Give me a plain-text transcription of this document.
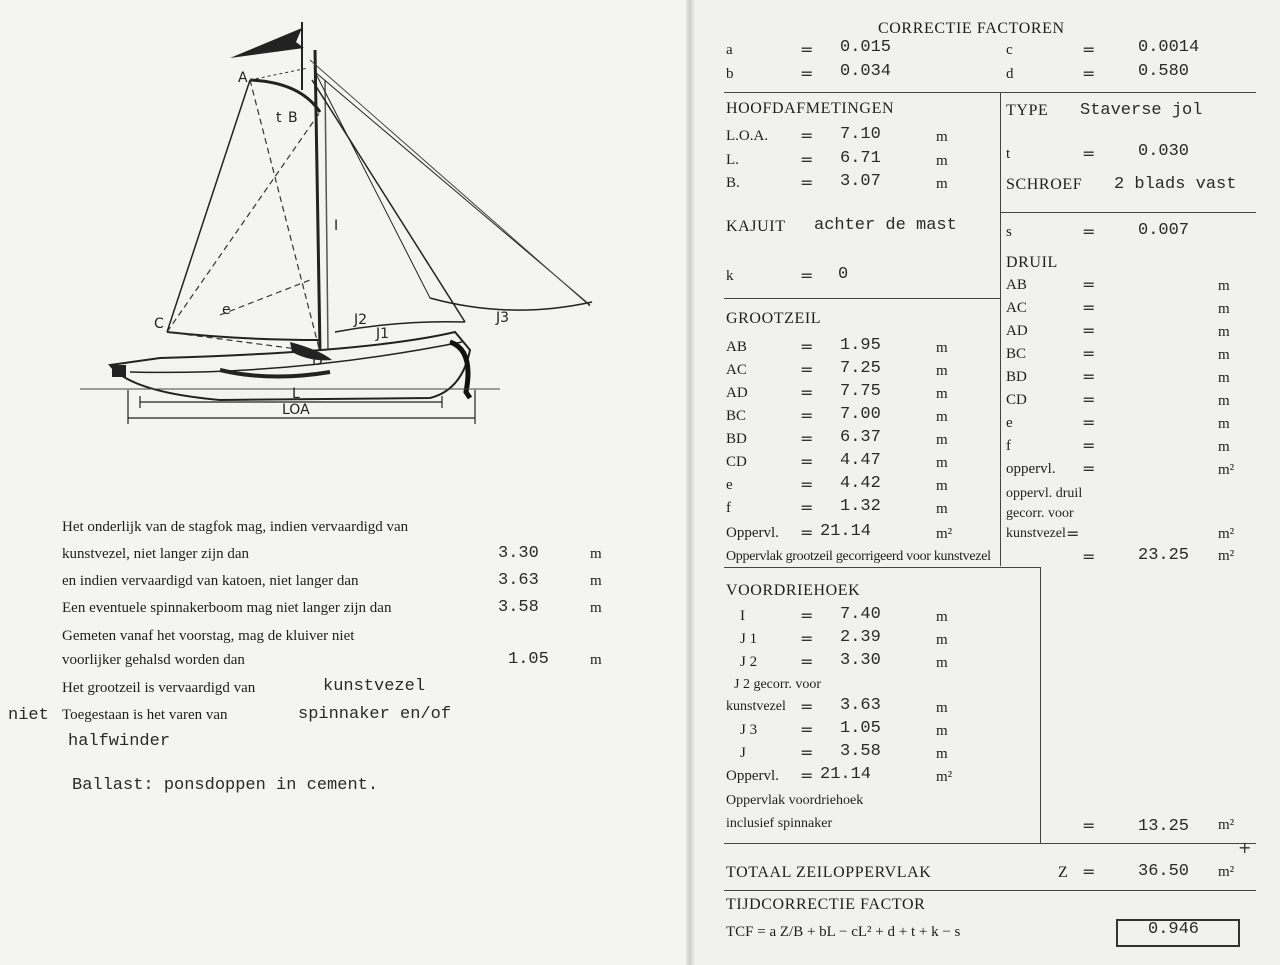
A
B
t
C
D
e
I
J1
J2	J3
L
LOA
Het onderlijk van de stagfok mag, indien vervaardigd van
kunstvezel, niet langer zijn dan	3.30	m
en indien vervaardigd van katoen, niet langer dan	3.63	m
Een eventuele spinnakerboom mag niet langer zijn dan	3.58	m
Gemeten vanaf het voorstag, mag de kluiver niet
voorlijker gehalsd worden dan	1.05	m
Het grootzeil is vervaardigd van	kunstvezel
niet Toegestaan is het varen van	spinnaker en/of
halfwinder
Ballast: ponsdoppen in cement.
CORRECTIE FACTOREN
a	= 0.015
b	= 0.034
c	=	0.0014
d	=	0.580
HOOFDAFMETINGEN
L.O.A. = 7.10	m
L.	= 6.71	m
B.	= 3.07	m
TYPE Staverse jol
t	=	0.030
SCHROEF 2 blads vast
s	=	0.007
KAJUIT achter de mast
k	= 0
GROOTZEIL
AB	= 1.95	m
AC	= 7.25	m
AD	= 7.75	m
BC	= 7.00	m
BD	= 6.37	m
CD	= 4.47	m
e	= 4.42	m
f	= 1.32	m
Oppervl. = 21.14	m²
Oppervlak grootzeil gecorrigeerd voor kunstvezel	=	23.25 m²
DRUIL
AB	=	m
AC	=	m
AD	=	m
BC	=	m
BD	=	m
CD	=	m
e	=	m
f	=	m
oppervl. =	m²
oppervl. druil
gecorr. voor
kunstvezel =	m²
VOORDRIEHOEK
I	= 7.40	m
J 1	= 2.39	m
J 2	= 3.30	m
J 2 gecorr. voor
kunstvezel = 3.63	m
J 3	= 1.05	m
J	= 3.58	m
Oppervl. = 21.14	m²
Oppervlak voordriehoek
inclusief spinnaker	=	13.25 m²
+
TOTAAL ZEILOPPERVLAK	Z =	36.50 m²
TIJDCORRECTIE FACTOR
TCF = a Z/B + bL − cL² + d + t + k − s	0.946
